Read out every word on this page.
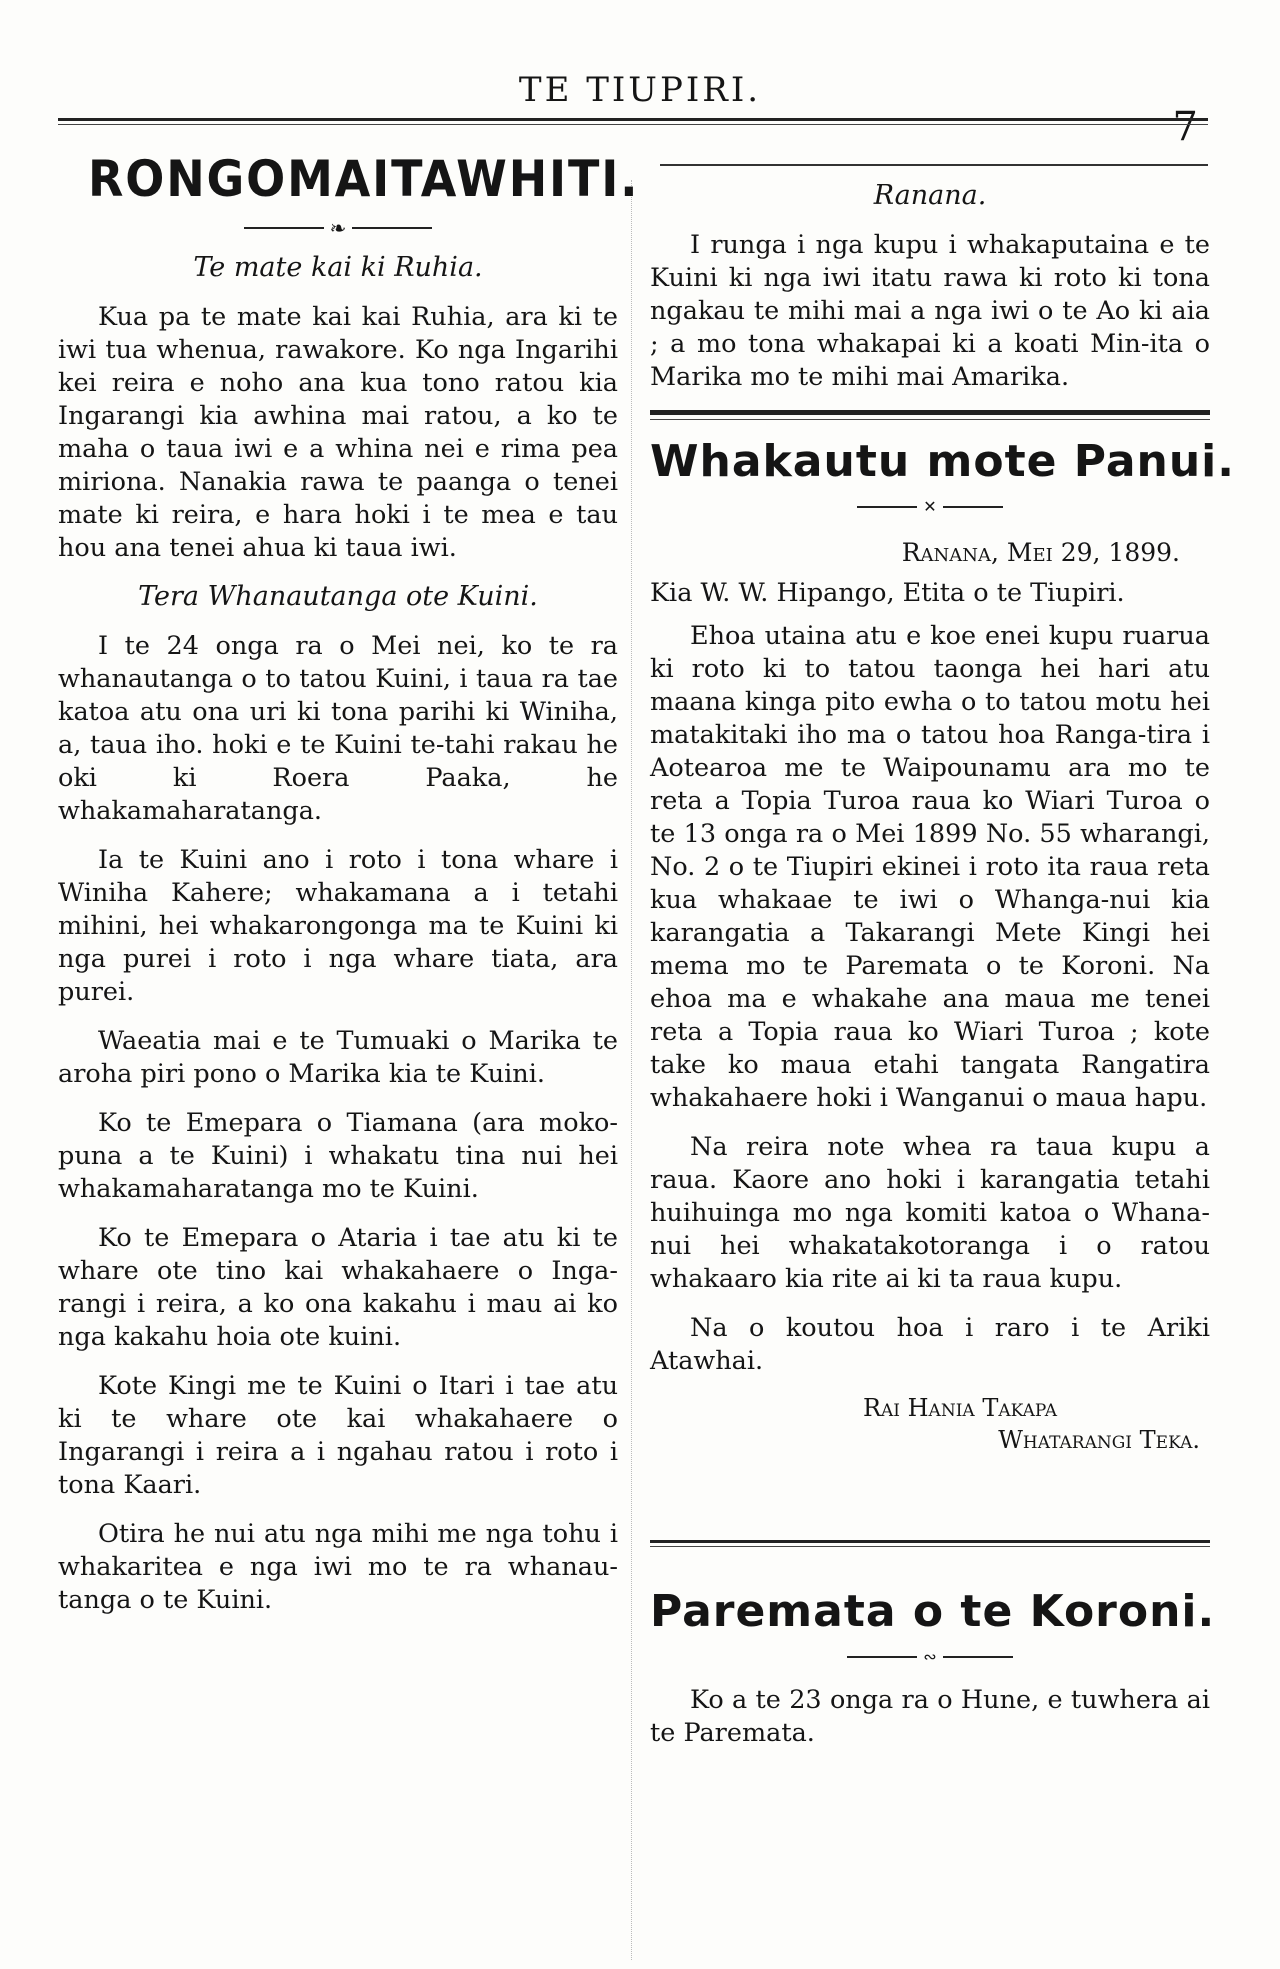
TE TIUPIRI.
7
RONGOMAITAWHITI.
❧
Te mate kai ki Ruhia.

Kua pa te mate kai kai Ruhia, ara ki te iwi tua whenua, rawakore. Ko nga Ingarihi kei reira e noho ana kua tono ratou kia Ingarangi kia awhina mai ratou, a ko te maha o taua iwi e a whina nei e rima pea miriona. Nanakia rawa te paanga o tenei mate ki reira, e hara hoki i te mea e tau hou ana tenei ahua ki taua iwi.

Tera Whanautanga ote Kuini.

I te 24 onga ra o Mei nei, ko te ra whanautanga o to tatou Kuini, i taua ra tae katoa atu ona uri ki tona parihi ki Winiha, a, taua iho. hoki e te Kuini te-tahi rakau he oki ki Roera Paaka, he whakamaharatanga.

Ia te Kuini ano i roto i tona whare i Winiha Kahere; whakamana a i tetahi mihini, hei whakarongonga ma te Kuini ki nga purei i roto i nga whare tiata, ara purei.

Waeatia mai e te Tumuaki o Marika te aroha piri pono o Marika kia te Kuini.

Ko te Emepara o Tiamana (ara moko-puna a te Kuini) i whakatu tina nui hei whakamaharatanga mo te Kuini.

Ko te Emepara o Ataria i tae atu ki te whare ote tino kai whakahaere o Inga-rangi i reira, a ko ona kakahu i mau ai ko nga kakahu hoia ote kuini.

Kote Kingi me te Kuini o Itari i tae atu ki te whare ote kai whakahaere o Ingarangi i reira a i ngahau ratou i roto i tona Kaari.

Otira he nui atu nga mihi me nga tohu i whakaritea e nga iwi mo te ra whanau-tanga o te Kuini.

Ranana.

I runga i nga kupu i whakaputaina e te Kuini ki nga iwi itatu rawa ki roto ki tona ngakau te mihi mai a nga iwi o te Ao ki aia ; a mo tona whakapai ki a koati Min-ita o Marika mo te mihi mai Amarika.

Whakautu mote Panui.
✕
Ranana, Mei 29, 1899.

Kia W. W. Hipango, Etita o te Tiupiri.

Ehoa utaina atu e koe enei kupu ruarua ki roto ki to tatou taonga hei hari atu maana kinga pito ewha o to tatou motu hei matakitaki iho ma o tatou hoa Ranga-tira i Aotearoa me te Waipounamu ara mo te reta a Topia Turoa raua ko Wiari Turoa o te 13 onga ra o Mei 1899 No. 55 wharangi, No. 2 o te Tiupiri ekinei i roto ita raua reta kua whakaae te iwi o Whanga-nui kia karangatia a Takarangi Mete Kingi hei mema mo te Paremata o te Koroni. Na ehoa ma e whakahe ana maua me tenei reta a Topia raua ko Wiari Turoa ; kote take ko maua etahi tangata Rangatira whakahaere hoki i Wanganui o maua hapu.

Na reira note whea ra taua kupu a raua. Kaore ano hoki i karangatia tetahi huihuinga mo nga komiti katoa o Whana-nui hei whakatakotoranga i o ratou whakaaro kia rite ai ki ta raua kupu.

Na o koutou hoa i raro i te Ariki Atawhai.

Rai Hania Takapa
Whatarangi Teka.
Paremata o te Koroni.
∾

Ko a te 23 onga ra o Hune, e tuwhera ai te Paremata.
